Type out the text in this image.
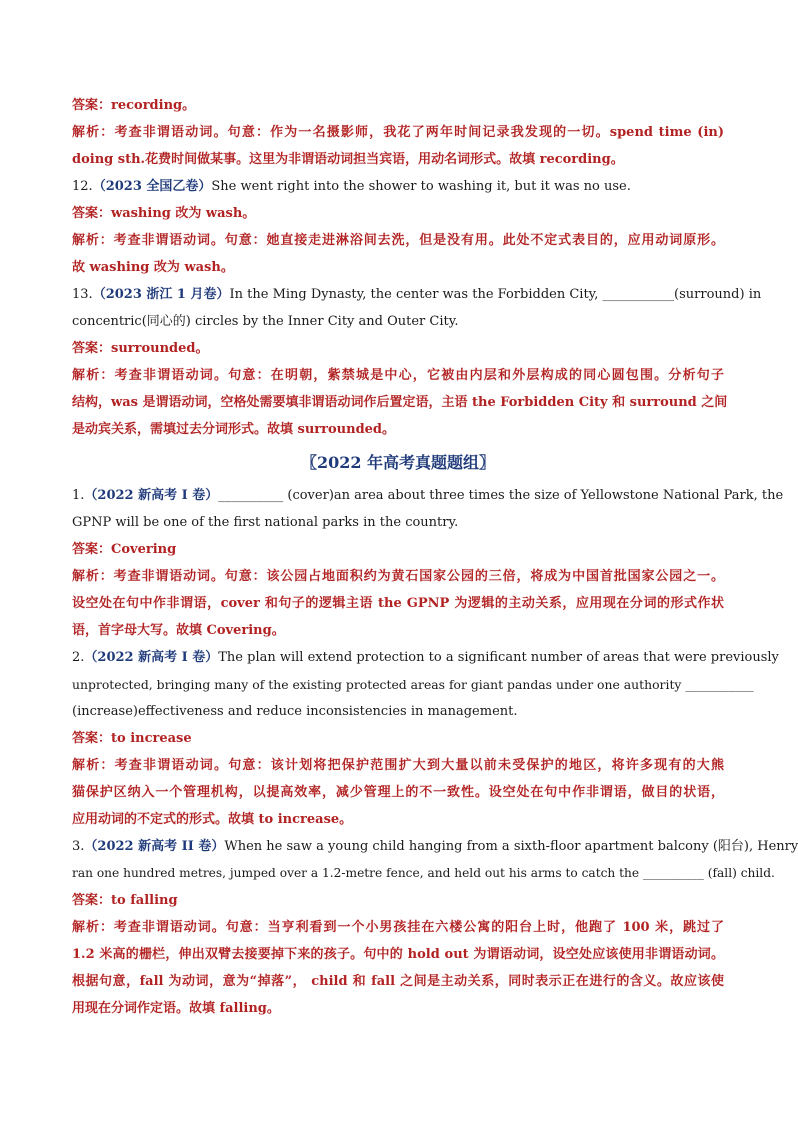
答案：recording。
解析：考查非谓语动词。句意：作为一名摄影师，我花了两年时间记录我发现的一切。spend time (in)
doing sth.花费时间做某事。这里为非谓语动词担当宾语，用动名词形式。故填 recording。
12.（2023 全国乙卷）She went right into the shower to washing it, but it was no use.
答案：washing 改为 wash。
解析：考查非谓语动词。句意：她直接走进淋浴间去洗，但是没有用。此处不定式表目的，应用动词原形。
故 washing 改为 wash。
13.（2023 浙江 1 月卷）In the Ming Dynasty, the center was the Forbidden City, ___________(surround) in
concentric(同心的) circles by the Inner City and Outer City.
答案：surrounded。
解析：考查非谓语动词。句意：在明朝，紫禁城是中心，它被由内层和外层构成的同心圆包围。分析句子
结构，was 是谓语动词，空格处需要填非谓语动词作后置定语，主语 the Forbidden City 和 surround 之间
是动宾关系，需填过去分词形式。故填 surrounded。
〖2022 年高考真题题组〗
1.（2022 新高考 I 卷）__________ (cover)an area about three times the size of Yellowstone National Park, the
GPNP will be one of the first national parks in the country.
答案：Covering
解析：考查非谓语动词。句意：该公园占地面积约为黄石国家公园的三倍，将成为中国首批国家公园之一。
设空处在句中作非谓语，cover 和句子的逻辑主语 the GPNP 为逻辑的主动关系，应用现在分词的形式作状
语，首字母大写。故填 Covering。
2.（2022 新高考 I 卷）The plan will extend protection to a significant number of areas that were previously
unprotected, bringing many of the existing protected areas for giant pandas under one authority ___________
(increase)effectiveness and reduce inconsistencies in management.
答案：to increase
解析：考查非谓语动词。句意：该计划将把保护范围扩大到大量以前未受保护的地区，将许多现有的大熊
猫保护区纳入一个管理机构，以提高效率，减少管理上的不一致性。设空处在句中作非谓语，做目的状语，
应用动词的不定式的形式。故填 to increase。
3.（2022 新高考 II 卷）When he saw a young child hanging from a sixth-floor apartment balcony (阳台), Henry
ran one hundred metres, jumped over a 1.2-metre fence, and held out his arms to catch the __________ (fall) child.
答案：to falling
解析：考查非谓语动词。句意：当亨利看到一个小男孩挂在六楼公寓的阳台上时，他跑了 100 米，跳过了
1.2 米高的栅栏，伸出双臂去接要掉下来的孩子。句中的 hold out 为谓语动词，设空处应该使用非谓语动词。
根据句意，fall 为动词，意为“掉落”， child 和 fall 之间是主动关系，同时表示正在进行的含义。故应该使
用现在分词作定语。故填 falling。
